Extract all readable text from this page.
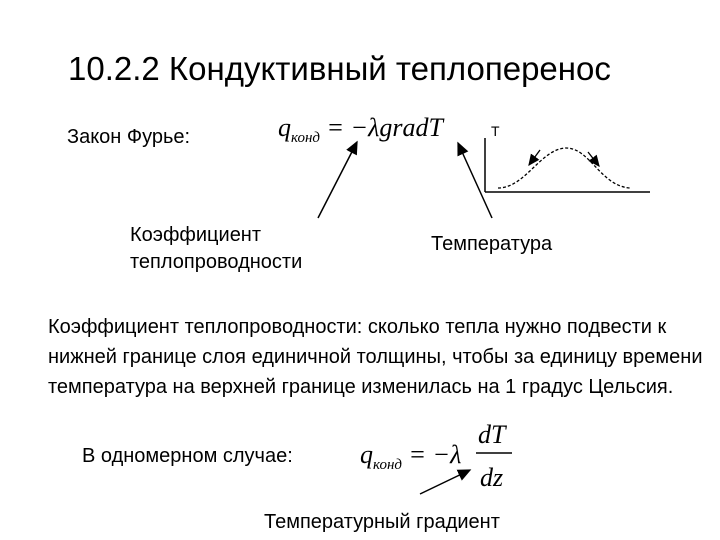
10.2.2 Кондуктивный теплоперенос
Закон Фурье:	$q_{конд}$ = −λgradT	T
Коэффициент теплопроводности
Температура
Коэффициент теплопроводности: сколько тепла нужно подвести к нижней границе слоя единичной толщины, чтобы за единицу времени температура на верхней границе изменилась на 1 градус Цельсия.
В одномерном случае:	$q_{конд} = -\lambda$
dT
dz
Температурный градиент
